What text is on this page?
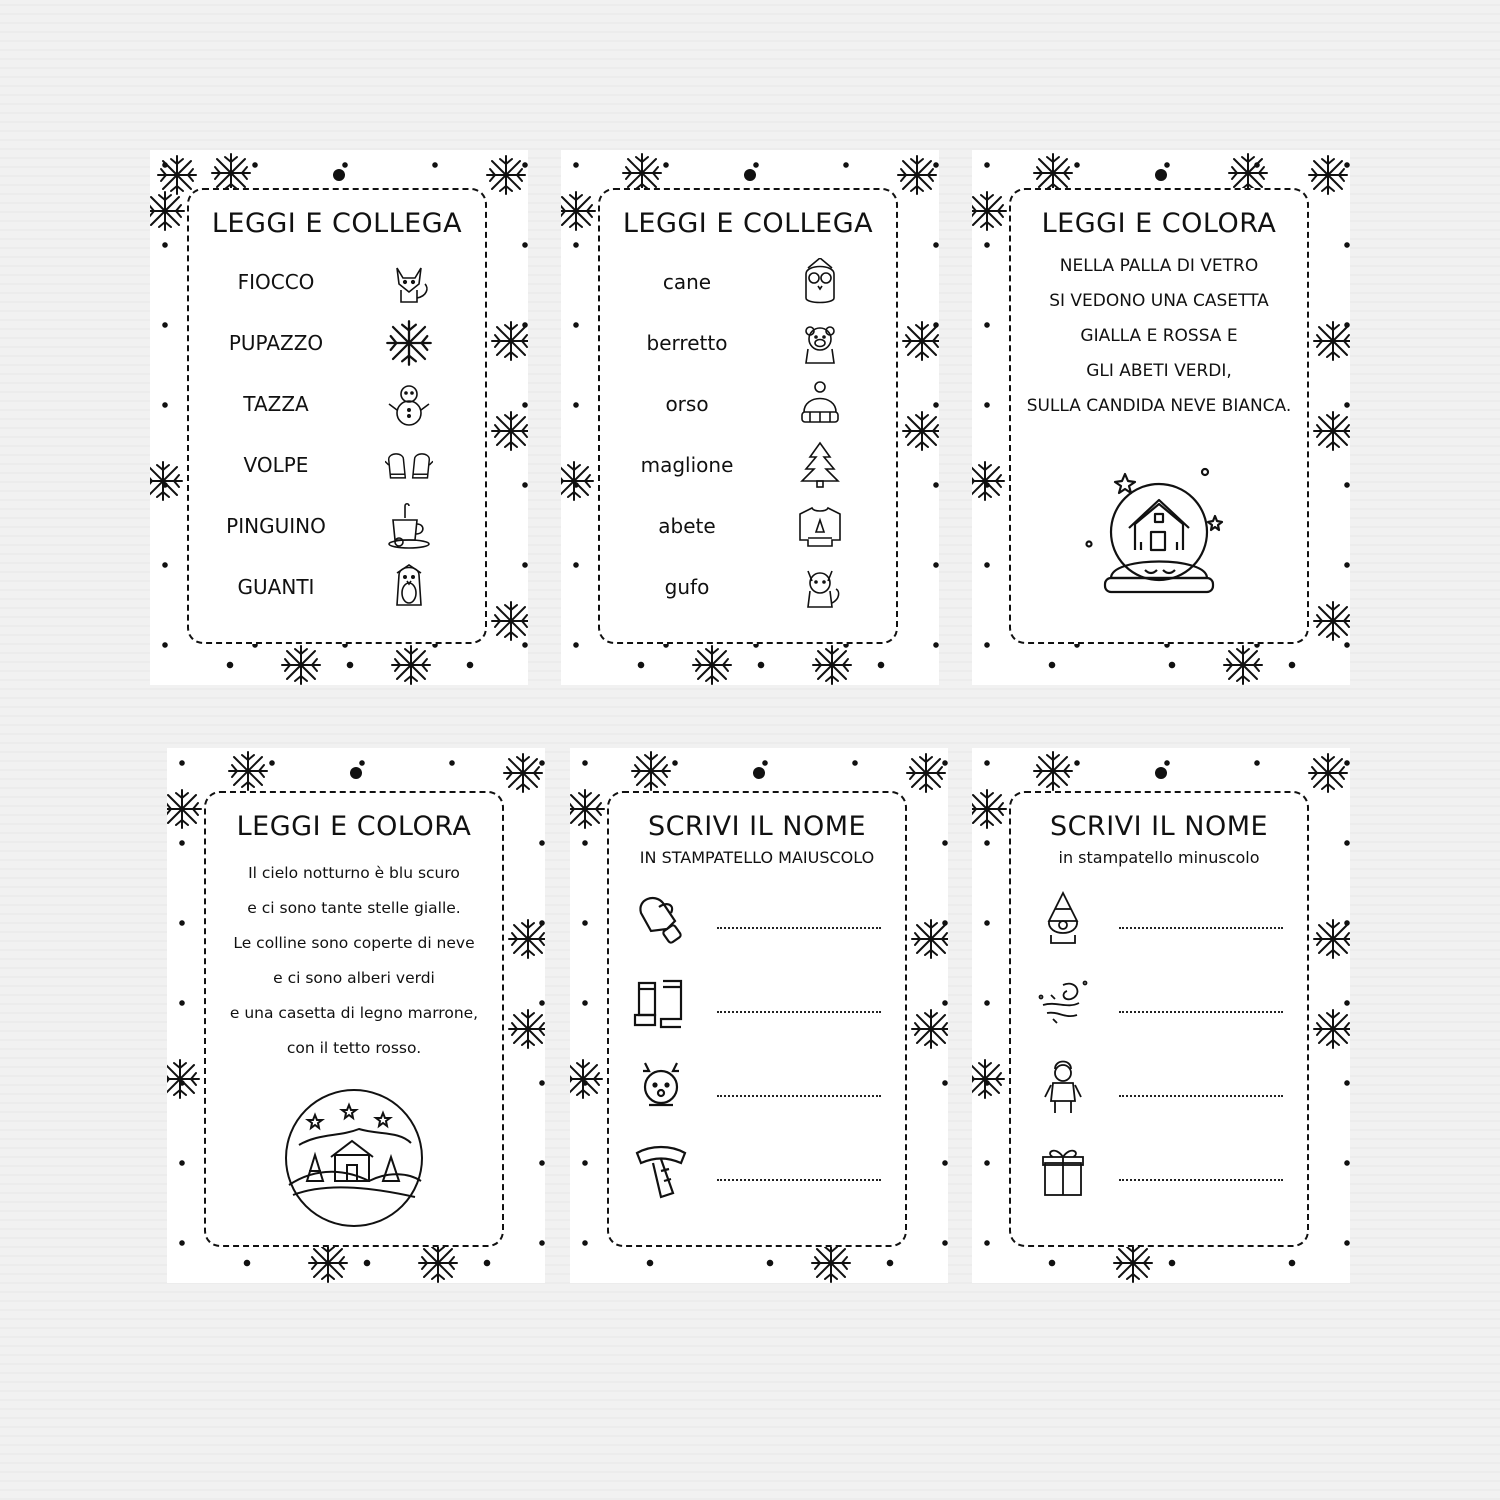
LEGGI E COLLEGA
FIOCCO
PUPAZZO
TAZZA
VOLPE
PINGUINO
GUANTI
LEGGI E COLLEGA
cane
berretto
orso
maglione
abete
gufo
LEGGI E COLORA
NELLA PALLA DI VETRO
SI VEDONO UNA CASETTA
GIALLA E ROSSA E
GLI ABETI VERDI,
SULLA CANDIDA NEVE BIANCA.
LEGGI E COLORA
Il cielo notturno è blu scuro
e ci sono tante stelle gialle.
Le colline sono coperte di neve
e ci sono alberi verdi
e una casetta di legno marrone,
con il tetto rosso.
SCRIVI IL NOME
IN STAMPATELLO MAIUSCOLO
SCRIVI IL NOME
in stampatello minuscolo
